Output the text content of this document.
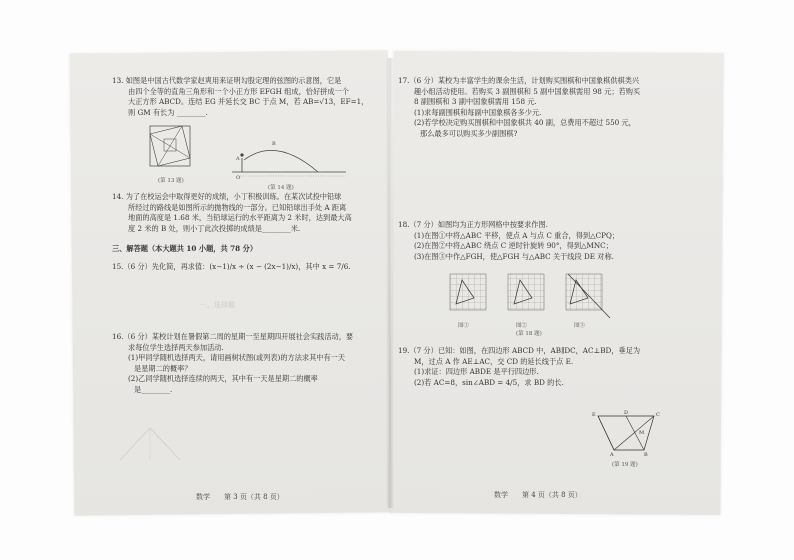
13. 如图是中国古代数学家赵爽用来证明勾股定理的弦图的示意图，它是
由四个全等的直角三角形和一个小正方形 EFGH 组成，恰好拼成一个
大正方形 ABCD。连结 EG 并延长交 BC 于点 M，若 AB=√13，EF=1，
则 GM 有长为 ________.
(第 13 题)
A
B
O
(第 14 题)
14. 为了在校运会中取得更好的成绩，小丁积极训练。在某次试投中铅球
所经过的路线是如图所示的抛物线的一部分。已知铅球出手处 A 距离
地面的高度是 1.68 米，当铅球运行的水平距离为 2 米时，达到最大高
度 2 米的 B 处，则小丁此次投掷的成绩是________米.
三、解答题（本大题共 10 小题，共 78 分）
15.（6 分）先化简，再求值：(x−1)/x ÷ (x − (2x−1)/x)，其中 x = 7/6.
一、选择题
16.（6 分）某校计划在暑假第二周的星期一至星期四开展社会实践活动，要
求每位学生选择两天参加活动.
(1)甲同学随机选择两天，请用画树状图(或列表)的方法求其中有一天
是星期二的概率？
(2)乙同学随机选择连续的两天，其中有一天是星期二的概率
是________.
数学　　第 3 页（共 8 页）
17.（6 分）某校为丰富学生的课余生活，计划购买围棋和中国象棋供棋类兴
趣小组活动使用。若购买 3 副围棋和 5 副中国象棋需用 98 元；若购买
8 副围棋和 3 副中国象棋需用 158 元.
(1)求每副围棋和每副中国象棋各多少元.
(2)若学校决定购买围棋和中国象棋共 40 副，总费用不超过 550 元，
那么最多可以购买多少副围棋?
18.（7 分）如图均为正方形网格中按要求作图.
(1)在图①中将△ABC 平移，使点 A 与点 C 重合，得到△CPQ；
(2)在图②中将△ABC 绕点 C 逆时针旋转 90°，得到△MNC；
(3)在图③中作△FGH，使△FGH 与△ABC 关于线段 DE 对称.
图①	图②	图③
(第 18 题)
19.（7 分）已知：如图，在四边形 ABCD 中，AB∥DC，AC⊥BD，垂足为
M，过点 A 作 AE⊥AC，交 CD 的延长线于点 E.
(1)求证：四边形 ABDE 是平行四边形.
(2)若 AC=8，sin∠ABD = 4/5，求 BD 的长.
E	D	C
M
A	B
(第 19 题)
数学　　第 4 页（共 8 页）
